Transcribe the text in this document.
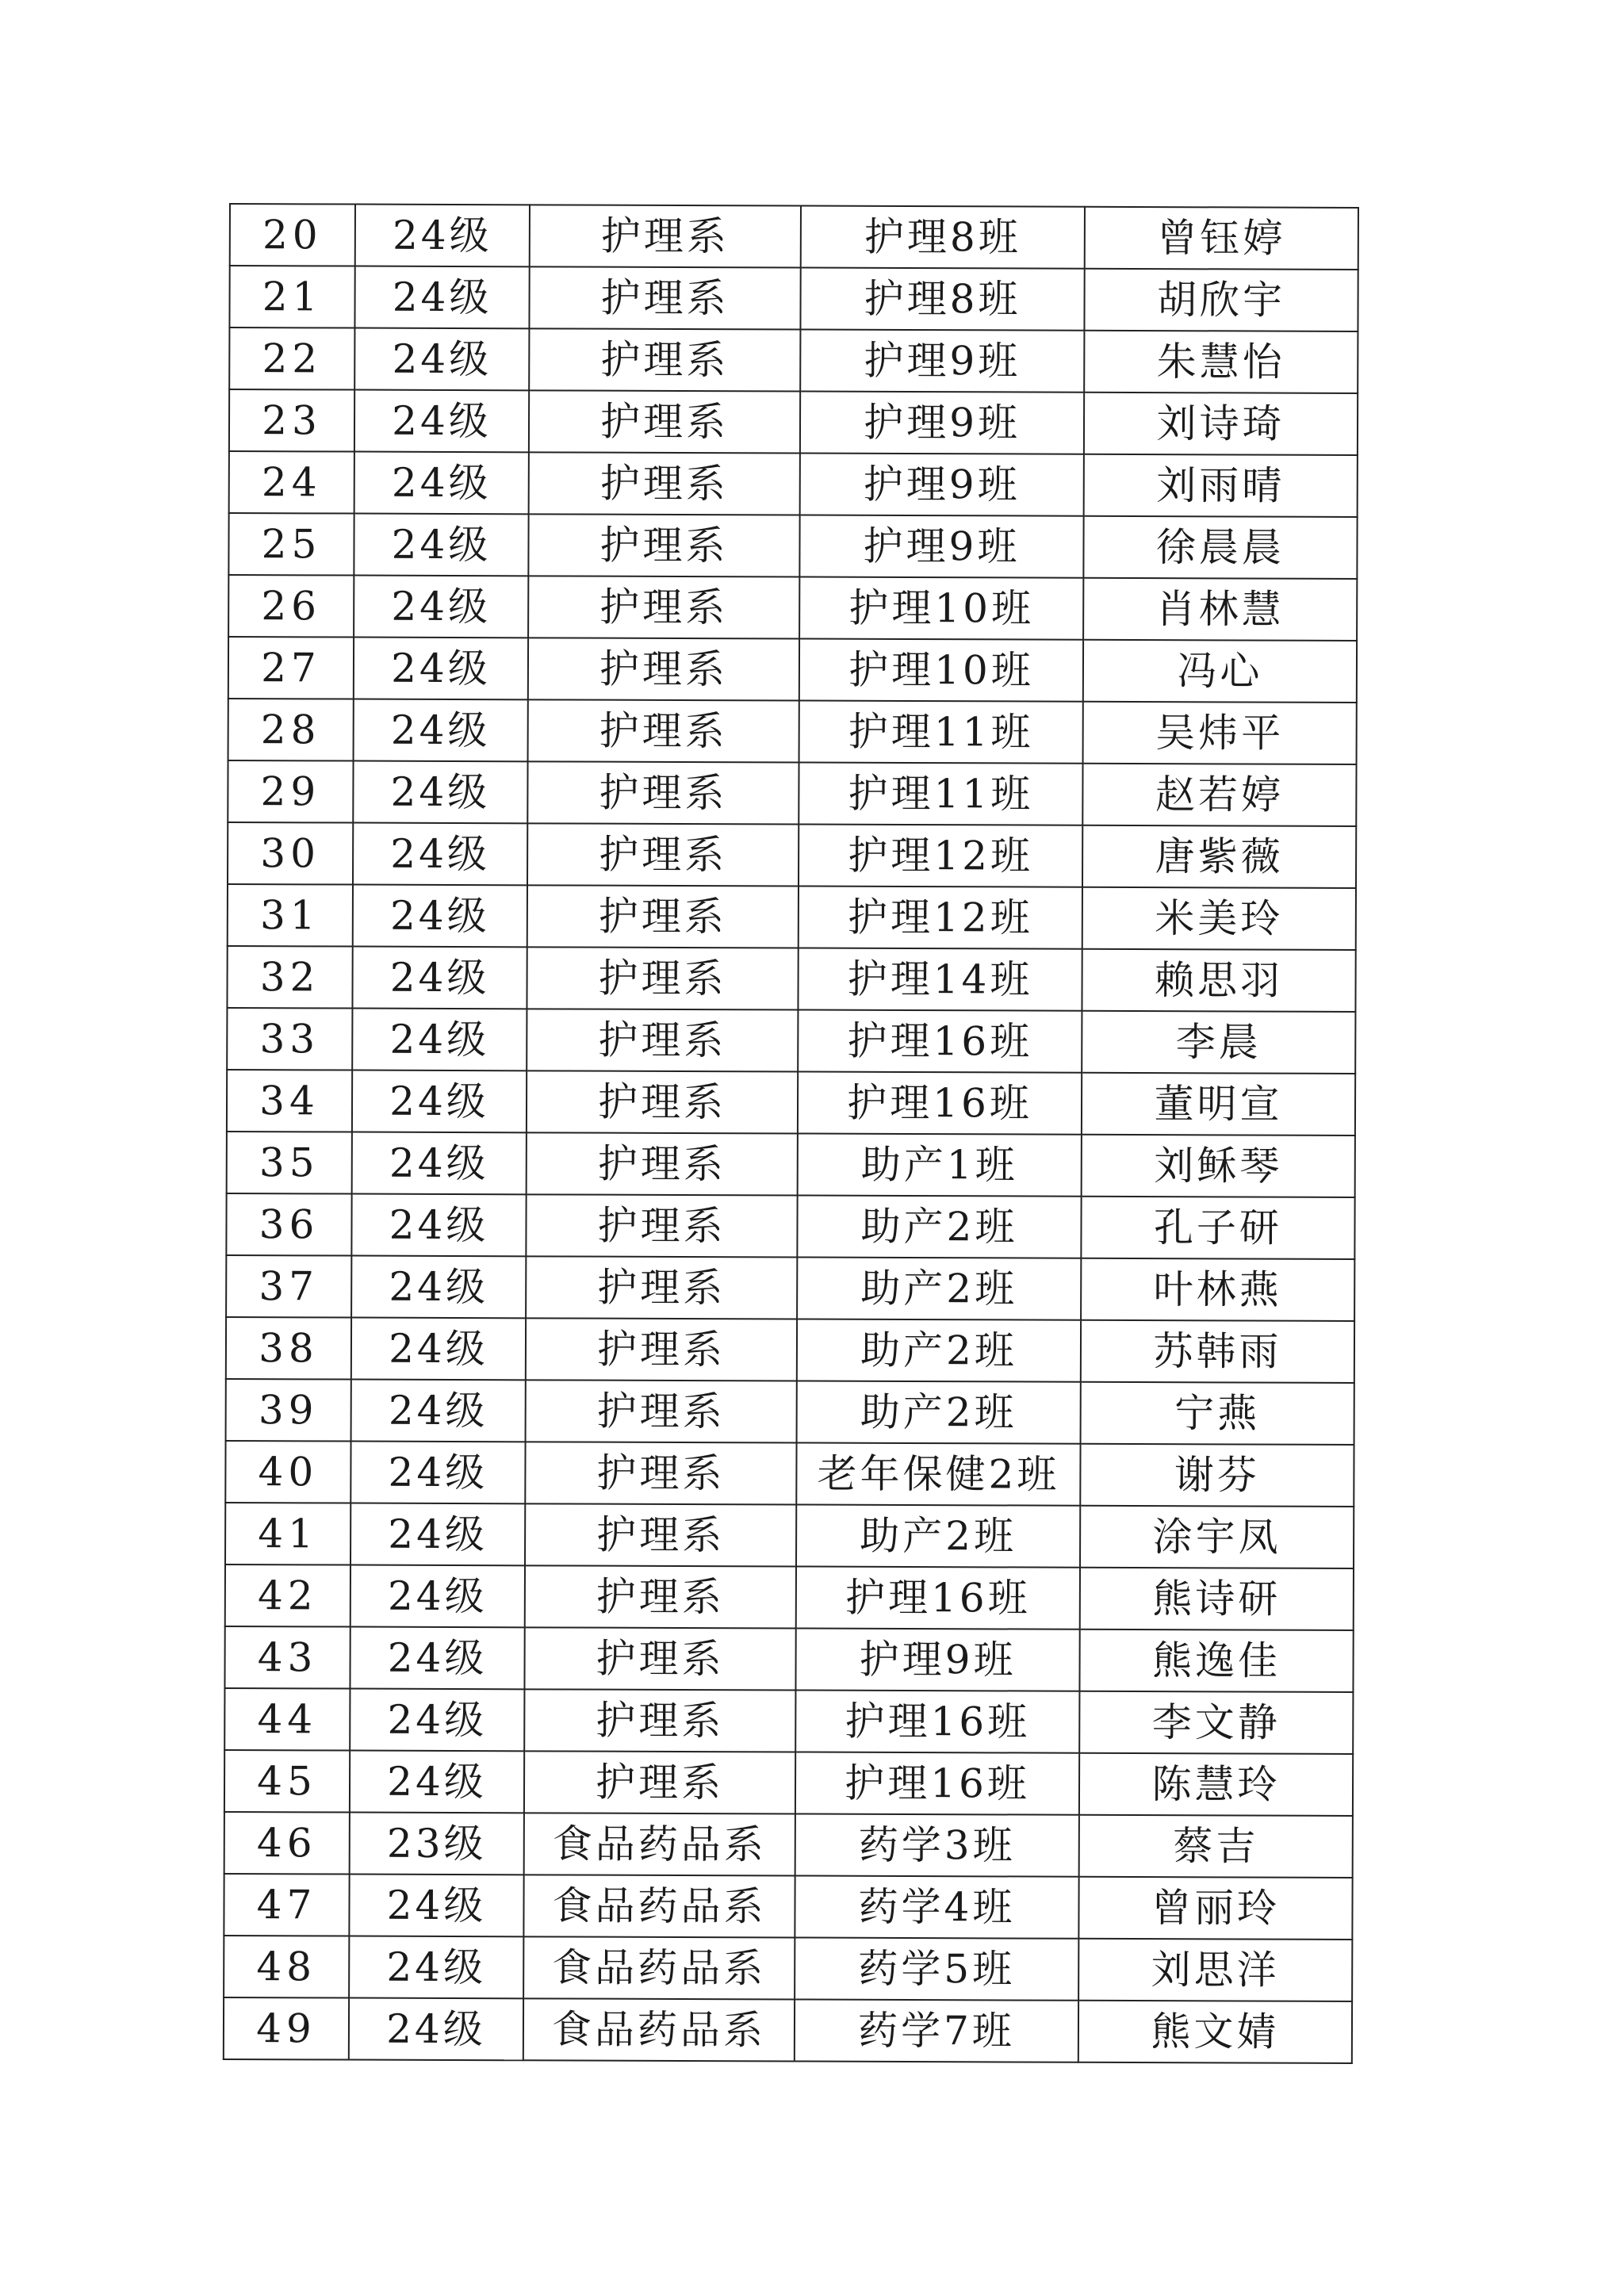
20	24级	护理系	护理8班	曾钰婷
21	24级	护理系	护理8班	胡欣宇
22	24级	护理系	护理9班	朱慧怡
23	24级	护理系	护理9班	刘诗琦
24	24级	护理系	护理9班	刘雨晴
25	24级	护理系	护理9班	徐晨晨
26	24级	护理系	护理10班	肖林慧
27	24级	护理系	护理10班	冯心
28	24级	护理系	护理11班	吴炜平
29	24级	护理系	护理11班	赵若婷
30	24级	护理系	护理12班	唐紫薇
31	24级	护理系	护理12班	米美玲
32	24级	护理系	护理14班	赖思羽
33	24级	护理系	护理16班	李晨
34	24级	护理系	护理16班	董明宣
35	24级	护理系	助产1班	刘稣琴
36	24级	护理系	助产2班	孔子研
37	24级	护理系	助产2班	叶林燕
38	24级	护理系	助产2班	苏韩雨
39	24级	护理系	助产2班	宁燕
40	24级	护理系	老年保健2班	谢芬
41	24级	护理系	助产2班	涂宇凤
42	24级	护理系	护理16班	熊诗研
43	24级	护理系	护理9班	熊逸佳
44	24级	护理系	护理16班	李文静
45	24级	护理系	护理16班	陈慧玲
46	23级	食品药品系	药学3班	蔡吉
47	24级	食品药品系	药学4班	曾丽玲
48	24级	食品药品系	药学5班	刘思洋
49	24级	食品药品系	药学7班	熊文婧
